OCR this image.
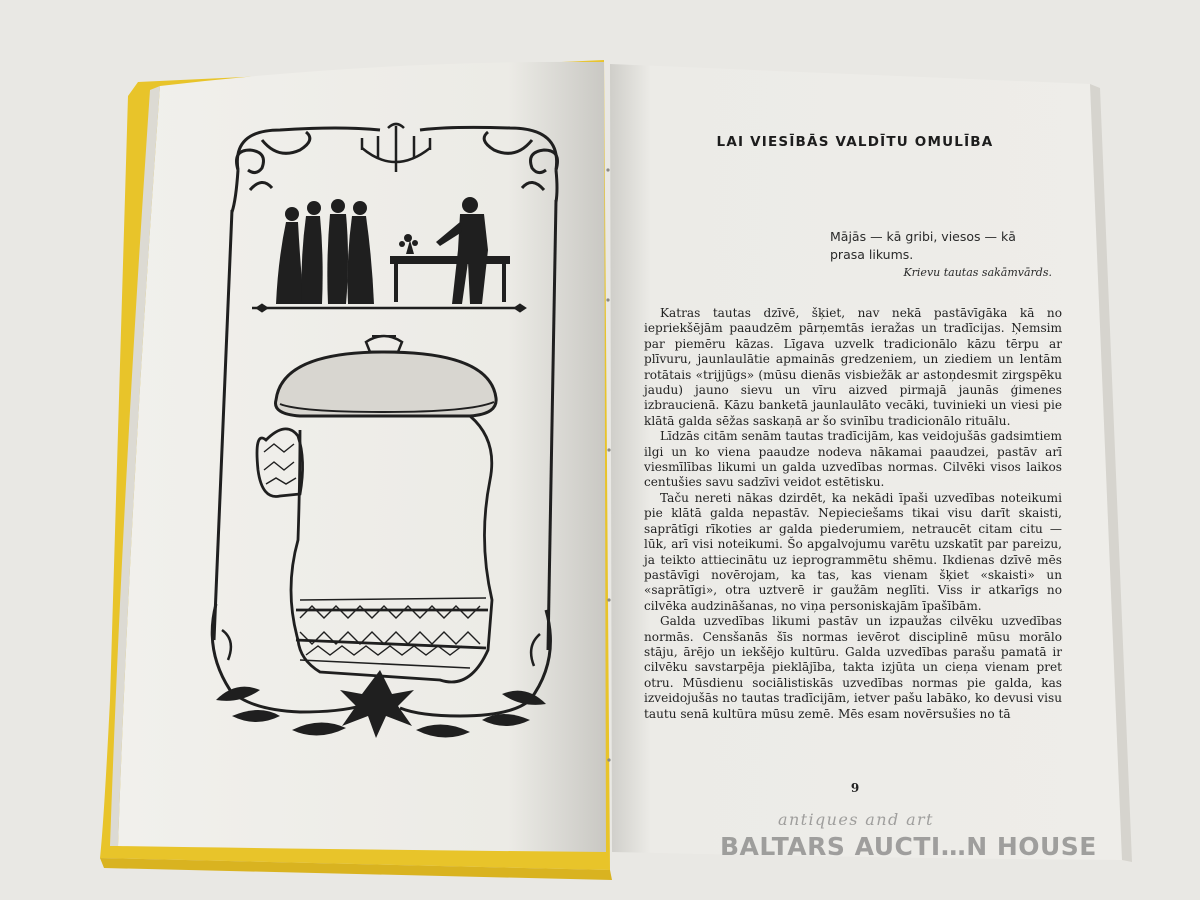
LAI VIESĪBĀS VALDĪTU OMULĪBA
Mājās — kā gribi, viesos — kā prasa likums.
Krievu tautas sakāmvārds.

Katras tautas dzīvē, šķiet, nav nekā pastāvīgāka kā no iepriekšējām paaudzēm pārņemtās ieražas un tradīcijas. Ņemsim par piemēru kāzas. Līgava uzvelk tradicionālo kāzu tērpu ar plīvuru, jaunlaulātie apmainās gredzeniem, un ziediem un lentām rotātais «trijjūgs» (mūsu dienās visbiežāk ar astoņdesmit zirgspēku jaudu) jauno sievu un vīru aizved pirmajā jaunās ģimenes izbraucienā. Kāzu banketā jaunlaulāto vecāki, tuvinieki un viesi pie klātā galda sēžas saskaņā ar šo svinību tradicionālo rituālu.

Līdzās citām senām tautas tradīcijām, kas veidojušās gadsimtiem ilgi un ko viena paaudze nodeva nākamai paaudzei, pastāv arī viesmīlības likumi un galda uzvedības normas. Cilvēki visos laikos centušies savu sadzīvi veidot estētisku.

Taču nereti nākas dzirdēt, ka nekādi īpaši uzvedības noteikumi pie klātā galda nepastāv. Nepieciešams tikai visu darīt skaisti, saprātīgi rīkoties ar galda piederumiem, netraucēt citam citu — lūk, arī visi noteikumi. Šo apgalvojumu varētu uzskatīt par pareizu, ja teikto attiecinātu uz ieprogrammētu shēmu. Ikdienas dzīvē mēs pastāvīgi novērojam, ka tas, kas vienam šķiet «skaisti» un «saprātīgi», otra uztverē ir gaužām neglīti. Viss ir atkarīgs no cilvēka audzināšanas, no viņa personiskajām īpašībām.

Galda uzvedības likumi pastāv un izpaužas cilvēku uzvedības normās. Censšanās šīs normas ievērot disciplinē mūsu morālo stāju, ārējo un iekšējo kultūru. Galda uzvedības parašu pamatā ir cilvēku savstarpēja pieklājība, takta izjūta un cieņa vienam pret otru. Mūsdienu sociālistiskās uzvedības normas pie galda, kas izveidojušās no tautas tradīcijām, ietver pašu labāko, ko devusi visu tautu senā kultūra mūsu zemē. Mēs esam novērsušies no tā

9
antiques and art
BALTARS AUCTI…N HOUSE
